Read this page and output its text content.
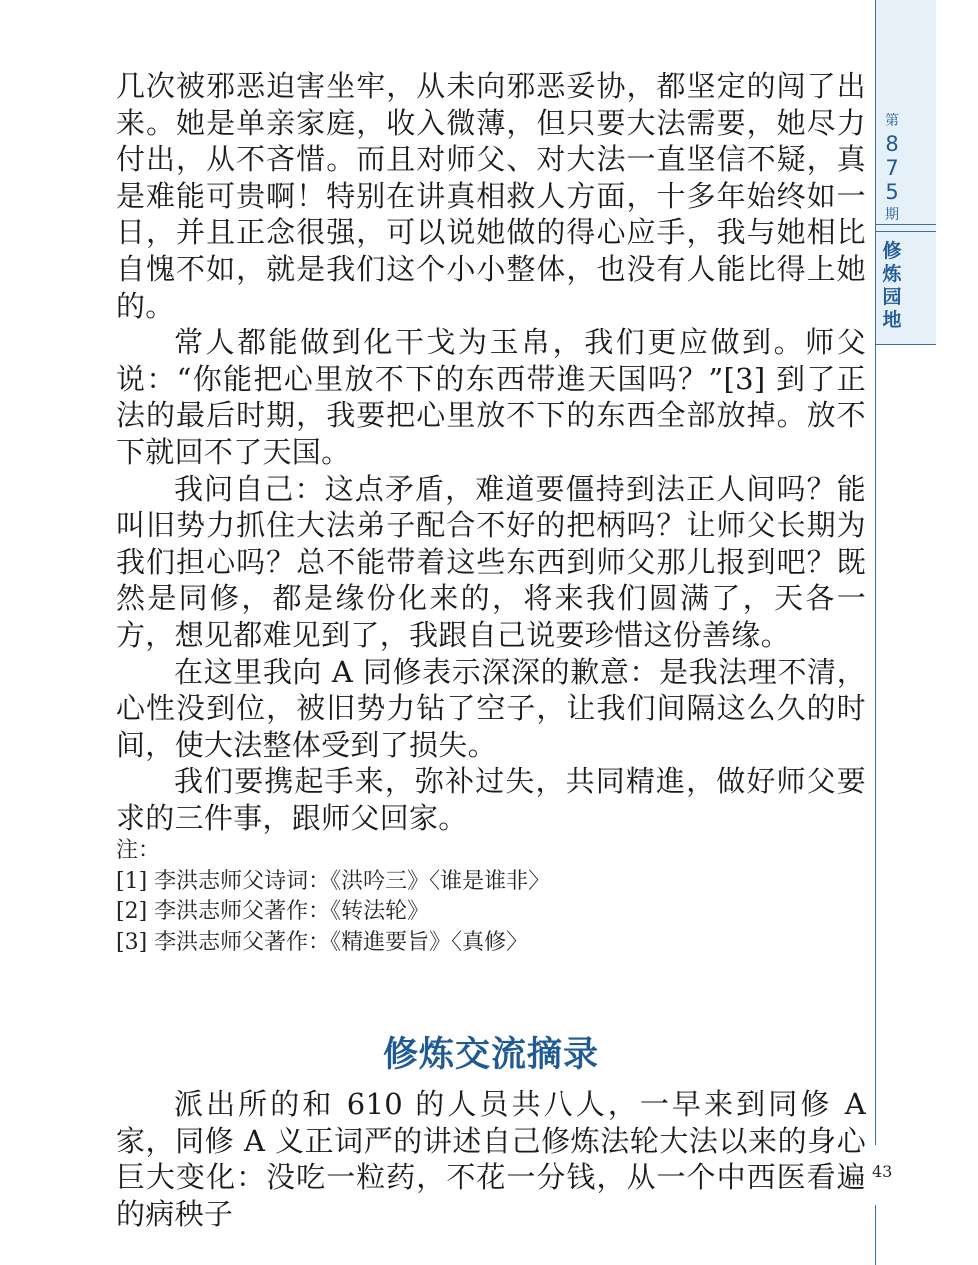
第
8
7
5
期
修
炼
园
地

几次被邪恶迫害坐牢，从未向邪恶妥协，都坚定的闯了出来。她是单亲家庭，收入微薄，但只要大法需要，她尽力付出，从不吝惜。而且对师父、对大法一直坚信不疑，真是难能可贵啊！特别在讲真相救人方面，十多年始终如一日，并且正念很强，可以说她做的得心应手，我与她相比自愧不如，就是我们这个小小整体，也没有人能比得上她的。

常人都能做到化干戈为玉帛，我们更应做到。师父说：“你能把心里放不下的东西带進天国吗？”[3] 到了正法的最后时期，我要把心里放不下的东西全部放掉。放不下就回不了天国。

我问自己：这点矛盾，难道要僵持到法正人间吗？能叫旧势力抓住大法弟子配合不好的把柄吗？让师父长期为我们担心吗？总不能带着这些东西到师父那儿报到吧？既然是同修，都是缘份化来的，将来我们圆满了，天各一方，想见都难见到了，我跟自己说要珍惜这份善缘。

在这里我向 A 同修表示深深的歉意：是我法理不清，心性没到位，被旧势力钻了空子，让我们间隔这么久的时间，使大法整体受到了损失。

我们要携起手来，弥补过失，共同精進，做好师父要求的三件事，跟师父回家。

注：
[1] 李洪志师父诗词：《洪吟三》〈谁是谁非〉
[2] 李洪志师父著作：《转法轮》
[3] 李洪志师父著作：《精進要旨》〈真修〉
修炼交流摘录

派出所的和 610 的人员共八人，一早来到同修 A 家，同修 A 义正词严的讲述自己修炼法轮大法以来的身心巨大变化：没吃一粒药，不花一分钱，从一个中西医看遍的病秧子

43
